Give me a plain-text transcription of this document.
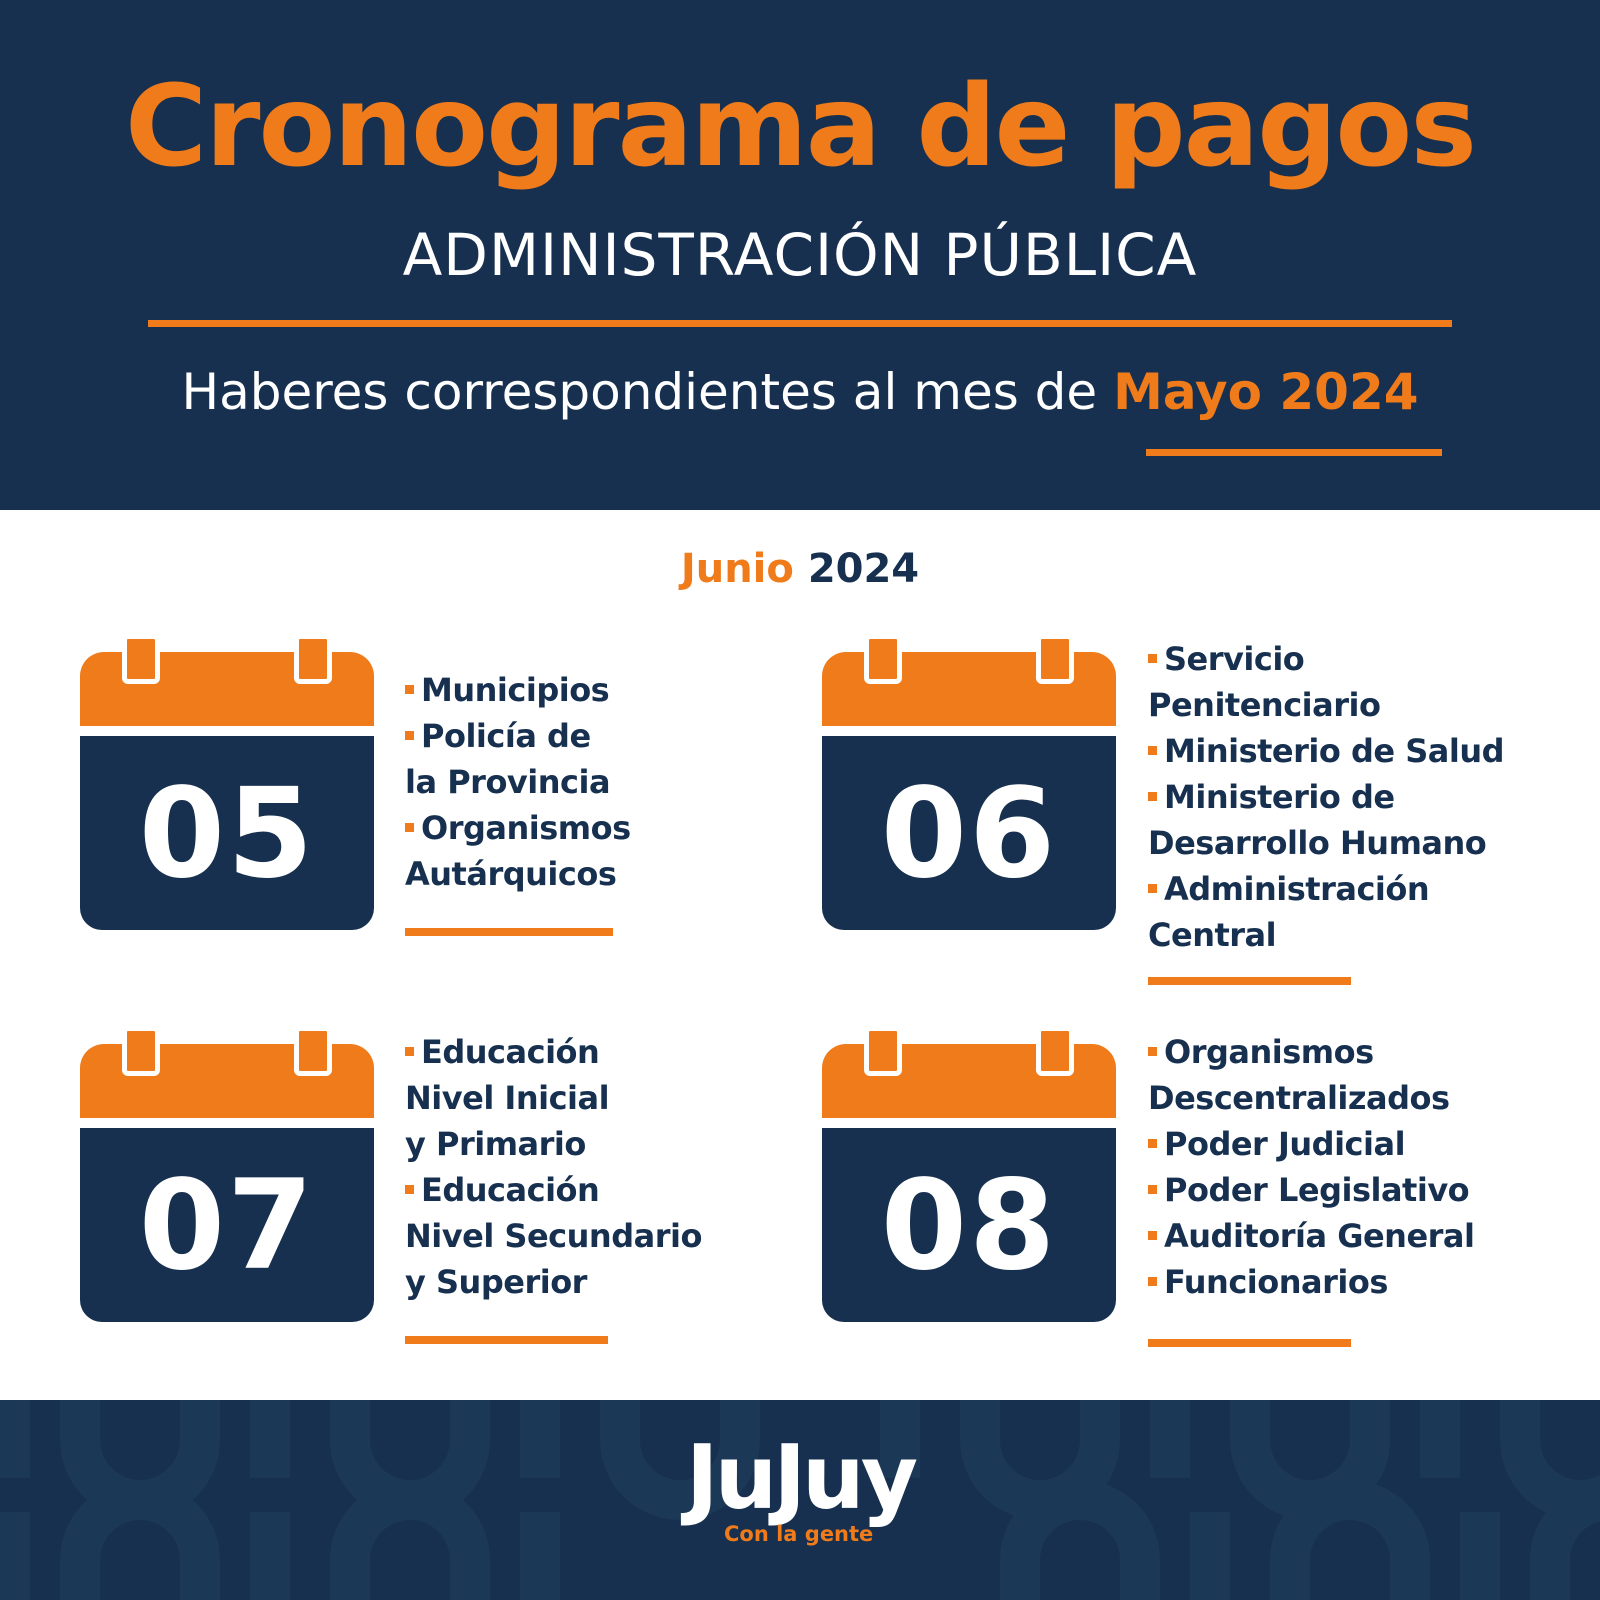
Cronograma de pagos
ADMINISTRACIÓN PÚBLICA
Haberes correspondientes al mes de Mayo 2024
Junio 2024
05
Municipios
Policía de
la Provincia
Organismos
Autárquicos	06
Servicio
Penitenciario
Ministerio de Salud
Ministerio de
Desarrollo Humano
Administración
Central
07
Educación
Nivel Inicial
y Primario
Educación
Nivel Secundario
y Superior	08
Organismos
Descentralizados
Poder Judicial
Poder Legislativo
Auditoría General
Funcionarios
JuJuy
Con la gente
